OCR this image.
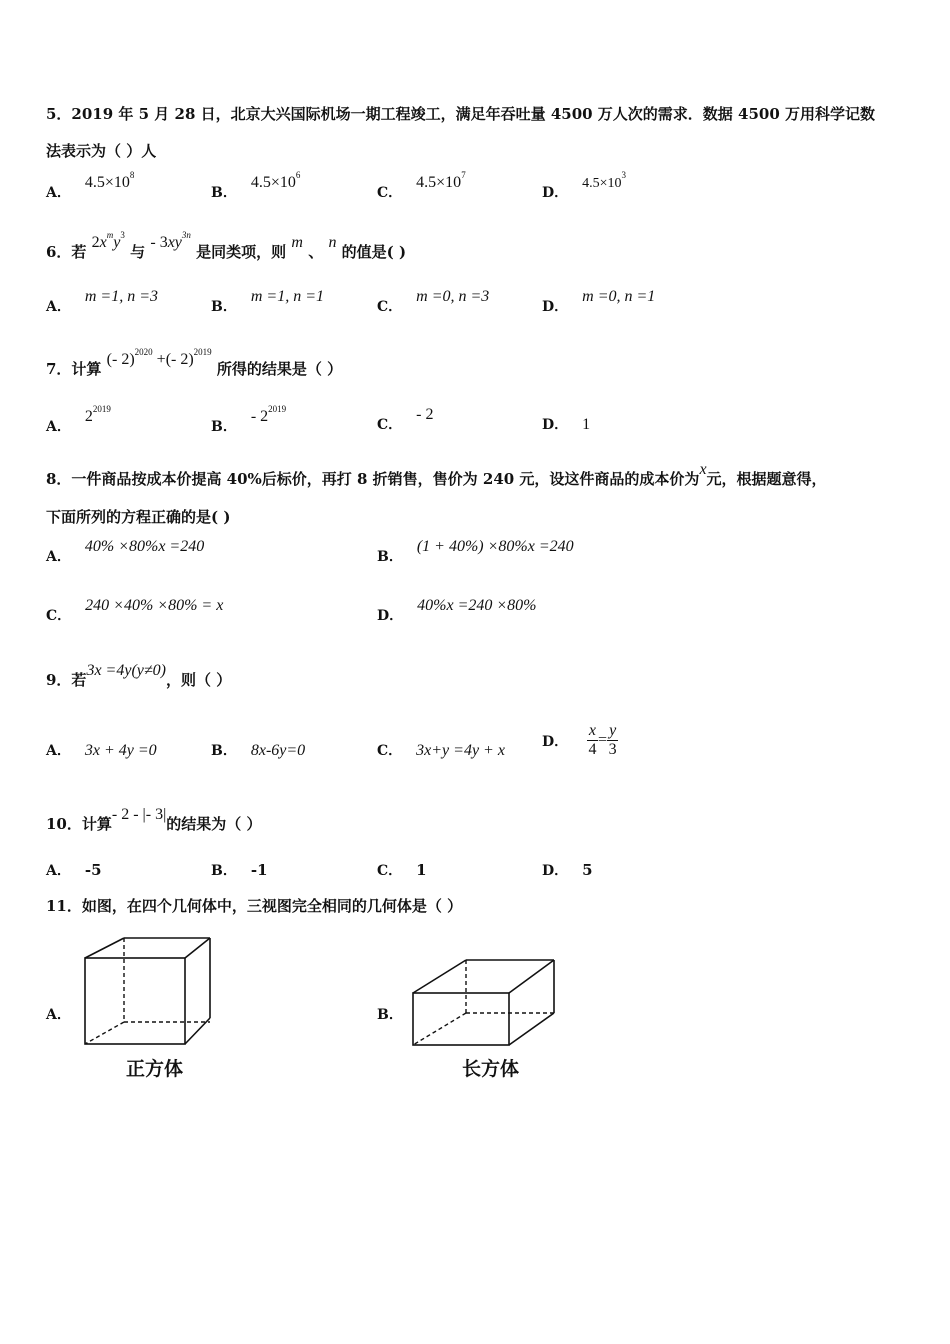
5．2019 年 5 月 28 日，北京大兴国际机场一期工程竣工，满足年吞吐量 4500 万人次的需求．数据 4500 万用科学记数
法表示为（ ）人
A．$4.5\times 10^8$
B．$4.5\times 10^6$
C．$4.5\times 10^7$
D．$4.5\times 10^3$
6．若 $2x^my^3$ 与 - $3xy^{3n}$ 是同类项，则 m 、 n 的值是( )
A．m =1, n =3
B．m =1, n =1
C．m =0, n =3
D．m =0, n =1
7．计算 (- 2)$^{2020}$ +(- 2)$^{2019}$ 所得的结果是（ ）
A．$2^{2019}$
B．- $2^{2019}$
C．- 2
D． 1
8．一件商品按成本价提高 40%后标价，再打 8 折销售，售价为 240 元，设这件商品的成本价为x元，根据题意得，
下面所列的方程正确的是( )
A．40% ×80%x =240
B．(1 + 40%) ×80%x =240
C．240 ×40% ×80% = x
D．40%x =240 ×80%
9．若3x =4y(y≠0)，则（ ）
A． 3x + 4y =0	B． 8x-6y=0	C． 3x+y =4y + x
D． $\frac{x}{4} = \frac{y}{3}$
10．计算- 2 - |- 3|的结果为（ ）
A． -5	B． -1	C． 1	D． 5
11．如图，在四个几何体中，三视图完全相同的几何体是（ ）
A．
正方体
B．
长方体
